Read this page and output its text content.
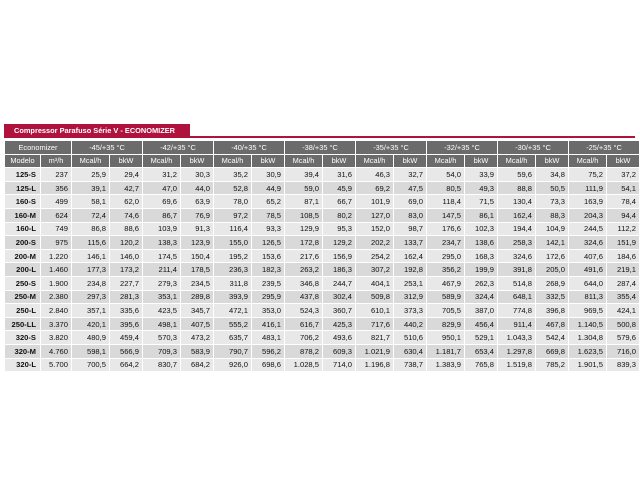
Compressor Parafuso Série V - ECONOMIZER
Economizer		-45/+35 °C		-42/+35 °C		-40/+35 °C		-38/+35 °C		-35/+35 °C		-32/+35 °C		-30/+35 °C		-25/+35 °C	
Modelo	m³/h	Mcal/h	bkW	Mcal/h	bkW	Mcal/h	bkW	Mcal/h	bkW	Mcal/h	bkW	Mcal/h	bkW	Mcal/h	bkW	Mcal/h	bkW
125-S	237	25,9	29,4	31,2	30,3	35,2	30,9	39,4	31,6	46,3	32,7	54,0	33,9	59,6	34,8	75,2	37,2
125-L	356	39,1	42,7	47,0	44,0	52,8	44,9	59,0	45,9	69,2	47,5	80,5	49,3	88,8	50,5	111,9	54,1
160-S	499	58,1	62,0	69,6	63,9	78,0	65,2	87,1	66,7	101,9	69,0	118,4	71,5	130,4	73,3	163,9	78,4
160-M	624	72,4	74,6	86,7	76,9	97,2	78,5	108,5	80,2	127,0	83,0	147,5	86,1	162,4	88,3	204,3	94,4
160-L	749	86,8	88,6	103,9	91,3	116,4	93,3	129,9	95,3	152,0	98,7	176,6	102,3	194,4	104,9	244,5	112,2
200-S	975	115,6	120,2	138,3	123,9	155,0	126,5	172,8	129,2	202,2	133,7	234,7	138,6	258,3	142,1	324,6	151,9
200-M	1.220	146,1	146,0	174,5	150,4	195,2	153,6	217,6	156,9	254,2	162,4	295,0	168,3	324,6	172,6	407,6	184,6
200-L	1.460	177,3	173,2	211,4	178,5	236,3	182,3	263,2	186,3	307,2	192,8	356,2	199,9	391,8	205,0	491,6	219,1
250-S	1.900	234,8	227,7	279,3	234,5	311,8	239,5	346,8	244,7	404,1	253,1	467,9	262,3	514,8	268,9	644,0	287,4
250-M	2.380	297,3	281,3	353,1	289,8	393,9	295,9	437,8	302,4	509,8	312,9	589,9	324,4	648,1	332,5	811,3	355,4
250-L	2.840	357,1	335,6	423,5	345,7	472,1	353,0	524,3	360,7	610,1	373,3	705,5	387,0	774,8	396,8	969,5	424,1
250-LL	3.370	420,1	395,6	498,1	407,5	555,2	416,1	616,7	425,3	717,6	440,2	829,9	456,4	911,4	467,8	1.140,5	500,8
320-S	3.820	480,9	459,4	570,3	473,2	635,7	483,1	706,2	493,6	821,7	510,6	950,1	529,1	1.043,3	542,4	1.304,8	579,6
320-M	4.760	598,1	566,9	709,3	583,9	790,7	596,2	878,2	609,3	1.021,9	630,4	1.181,7	653,4	1.297,8	669,8	1.623,5	716,0
320-L	5.700	700,5	664,2	830,7	684,2	926,0	698,6	1.028,5	714,0	1.196,8	738,7	1.383,9	765,8	1.519,8	785,2	1.901,5	839,3
